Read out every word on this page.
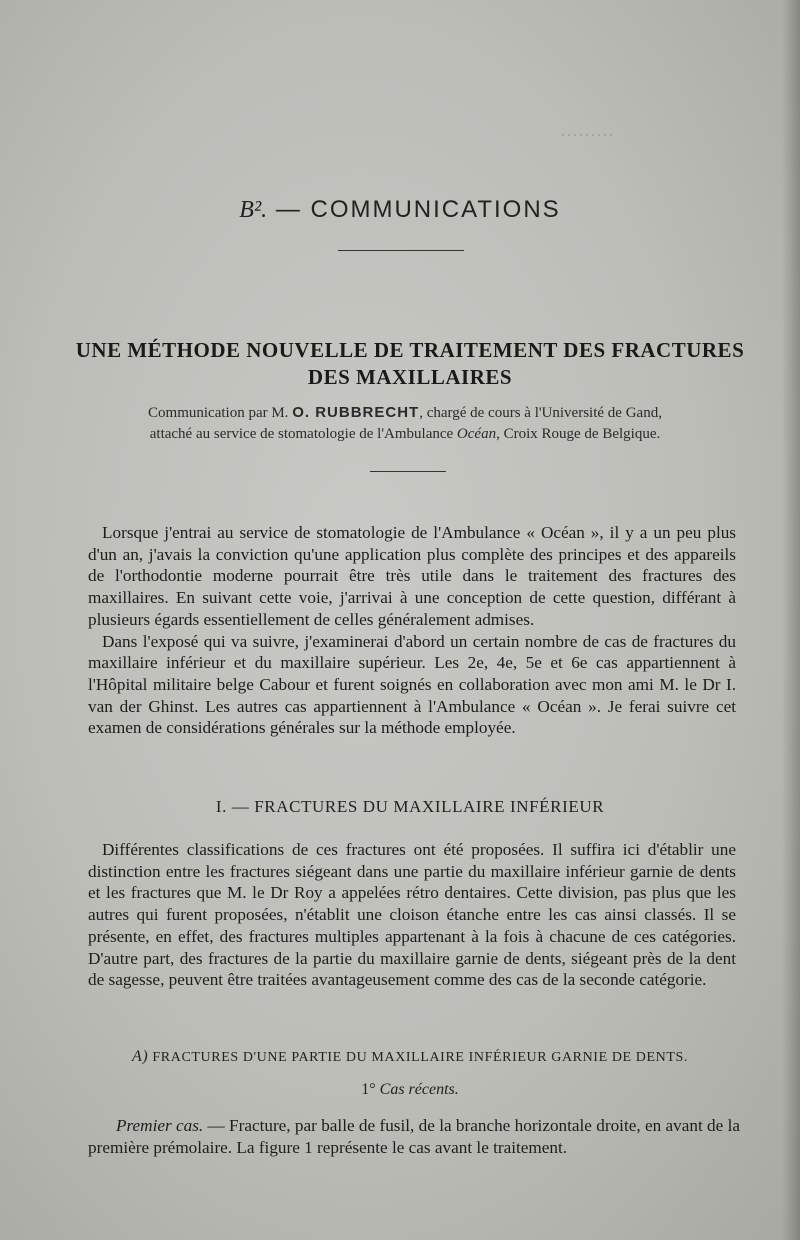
………
B². — COMMUNICATIONS
UNE MÉTHODE NOUVELLE DE TRAITEMENT DES FRACTURES
DES MAXILLAIRES
Communication par M. O. RUBBRECHT, chargé de cours à l'Université de Gand,
attaché au service de stomatologie de l'Ambulance Océan, Croix Rouge de Belgique.

Lorsque j'entrai au service de stomatologie de l'Ambulance « Océan », il y a un peu plus d'un an, j'avais la conviction qu'une application plus complète des principes et des appareils de l'orthodontie moderne pourrait être très utile dans le traitement des fractures des maxillaires. En suivant cette voie, j'arrivai à une conception de cette question, différant à plusieurs égards essentiellement de celles généralement admises.

Dans l'exposé qui va suivre, j'examinerai d'abord un certain nombre de cas de fractures du maxillaire inférieur et du maxillaire supérieur. Les 2e, 4e, 5e et 6e cas appartiennent à l'Hôpital militaire belge Cabour et furent soignés en collaboration avec mon ami M. le Dr I. van der Ghinst. Les autres cas appartiennent à l'Ambulance « Océan ». Je ferai suivre cet examen de considérations générales sur la méthode employée.

I. — FRACTURES DU MAXILLAIRE INFÉRIEUR

Différentes classifications de ces fractures ont été proposées. Il suffira ici d'établir une distinction entre les fractures siégeant dans une partie du maxillaire inférieur garnie de dents et les fractures que M. le Dr Roy a appelées rétro dentaires. Cette division, pas plus que les autres qui furent proposées, n'établit une cloison étanche entre les cas ainsi classés. Il se présente, en effet, des fractures multiples appartenant à la fois à chacune de ces catégories. D'autre part, des fractures de la partie du maxillaire garnie de dents, siégeant près de la dent de sagesse, peuvent être traitées avantageusement comme des cas de la seconde catégorie.

A) FRACTURES D'UNE PARTIE DU MAXILLAIRE INFÉRIEUR GARNIE DE DENTS.
1° Cas récents.

Premier cas. — Fracture, par balle de fusil, de la branche horizontale droite, en avant de la première prémolaire. La figure 1 représente le cas avant le traitement.
